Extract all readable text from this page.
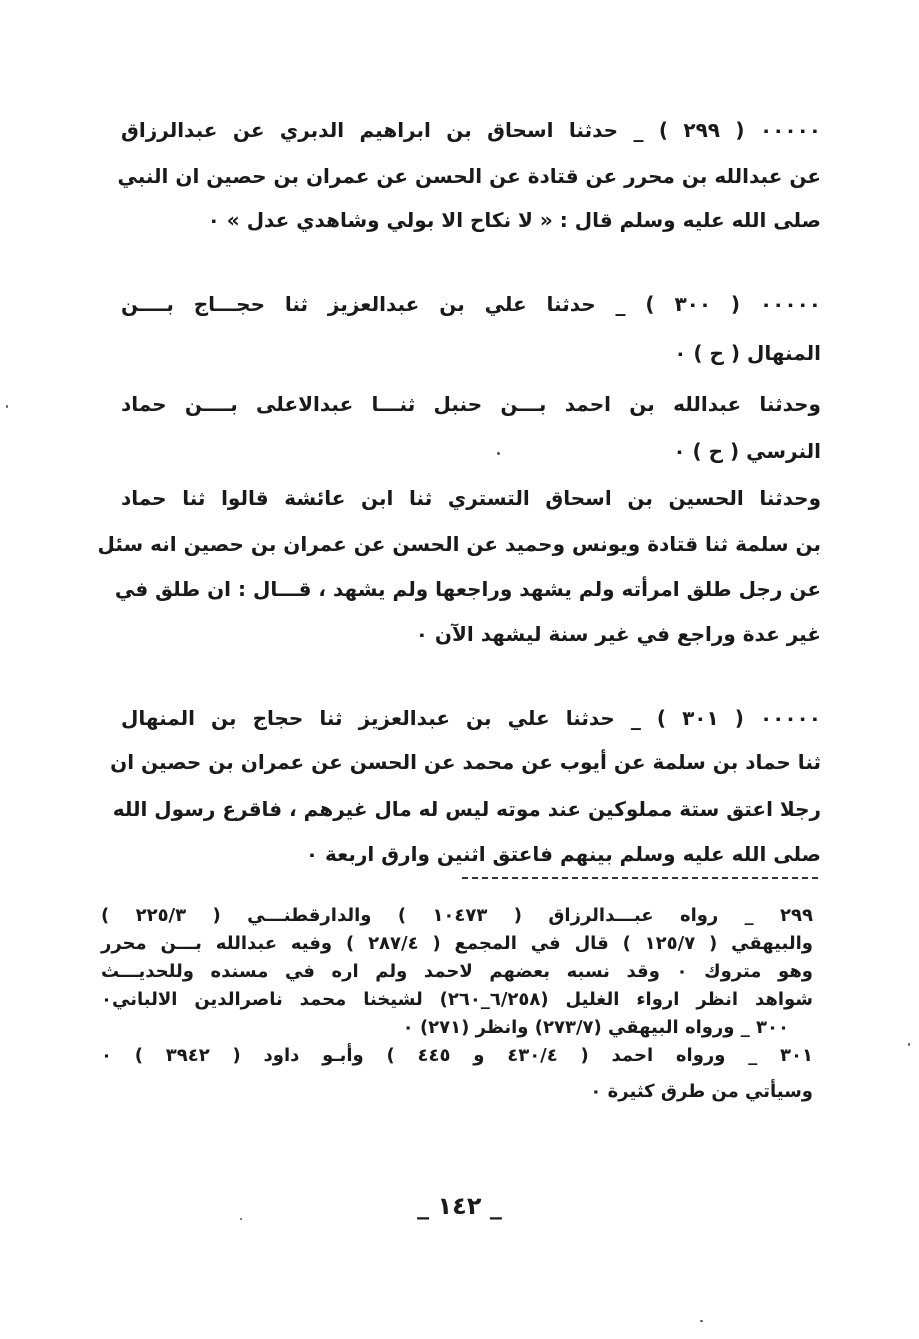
٠٠٠٠٠ ( ٢٩٩ ) _ حدثنا اسحاق بن ابراهيم الدبري عن عبدالرزاق
عن عبدالله بن محرر عن قتادة عن الحسن عن عمران بن حصين ان النبي
صلى الله عليه وسلم قال : « لا نكاح الا بولي وشاهدي عدل » ٠
٠٠٠٠٠ ( ٣٠٠ ) _ حدثنا علي بن عبدالعزيز ثنا حجـــاج بــــن
المنهال ( ح ) ٠
وحدثنا عبدالله بن احمد بـــن حنبل ثنـــا عبدالاعلى بــــن حماد
النرسي ( ح ) ٠
وحدثنا الحسين بن اسحاق التستري ثنا ابن عائشة قالوا ثنا حماد
بن سلمة ثنا قتادة ويونس وحميد عن الحسن عن عمران بن حصين انه سئل
عن رجل طلق امرأته ولم يشهد وراجعها ولم يشهد ، قـــال : ان طلق في
غير عدة وراجع في غير سنة ليشهد الآن ٠
٠٠٠٠٠ ( ٣٠١ ) _ حدثنا علي بن عبدالعزيز ثنا حجاج بن المنهال
ثنا حماد بن سلمة عن أيوب عن محمد عن الحسن عن عمران بن حصين ان
رجلا اعتق ستة مملوكين عند موته ليس له مال غيرهم ، فاقرع رسول الله
صلى الله عليه وسلم بينهم فاعتق اثنين وارق اربعة ٠
٢٩٩ _ رواه عبـــدالرزاق ( ١٠٤٧٣ ) والدارقطنـــي ( ٢٢٥/٣ )
والبيهقي ( ١٢٥/٧ ) قال في المجمع ( ٢٨٧/٤ ) وفيه عبدالله بـــن محرر
وهو متروك ٠ وقد نسبه بعضهم لاحمد ولم اره في مسنده وللحديـــث
شواهد انظر ارواء الغليل (٦/٢٥٨_٢٦٠) لشيخنا محمد ناصرالدين الالباني٠
٣٠٠ _ ورواه البيهقي (٢٧٣/٧) وانظر (٢٧١) ٠
٣٠١ _ ورواه احمد ( ٤٣٠/٤ و ٤٤٥ ) وأبـو داود ( ٣٩٤٢ ) ٠
وسيأتي من طرق كثيرة ٠
_ ١٤٢ _
